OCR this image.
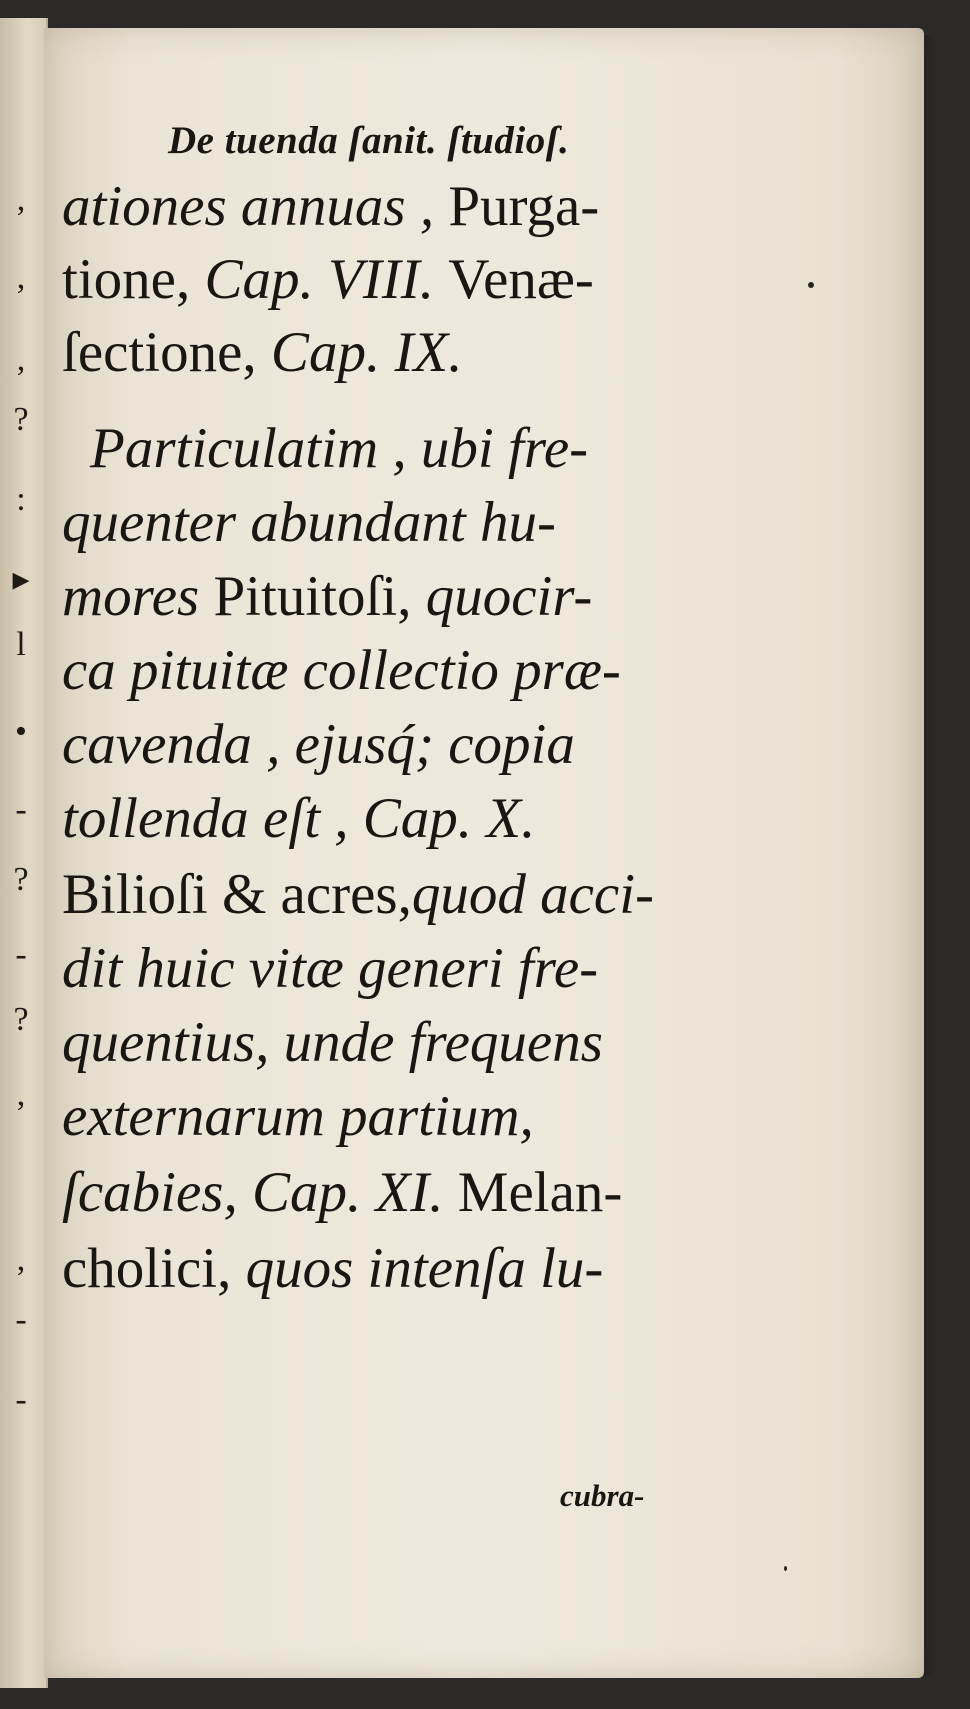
,
,
,
?
:
▸
l
•
-
?
-
?
,
,
-
-
De tuenda ſanit. ſtudioſ.
ationes annuas , Purga-
tione, Cap. VIII. Venæ-
ſectione, Cap. IX.
Particulatim , ubi fre-
quenter abundant hu-
mores Pituitoſi, quocir-
ca pituitæ collectio præ-
cavenda , ejusq́; copia
tollenda eſt , Cap. X.
Bilioſi & acres,quod acci-
dit huic vitæ generi fre-
quentius, unde frequens
externarum partium,
ſcabies, Cap. XI. Melan-
cholici, quos intenſa lu-
cubra-
